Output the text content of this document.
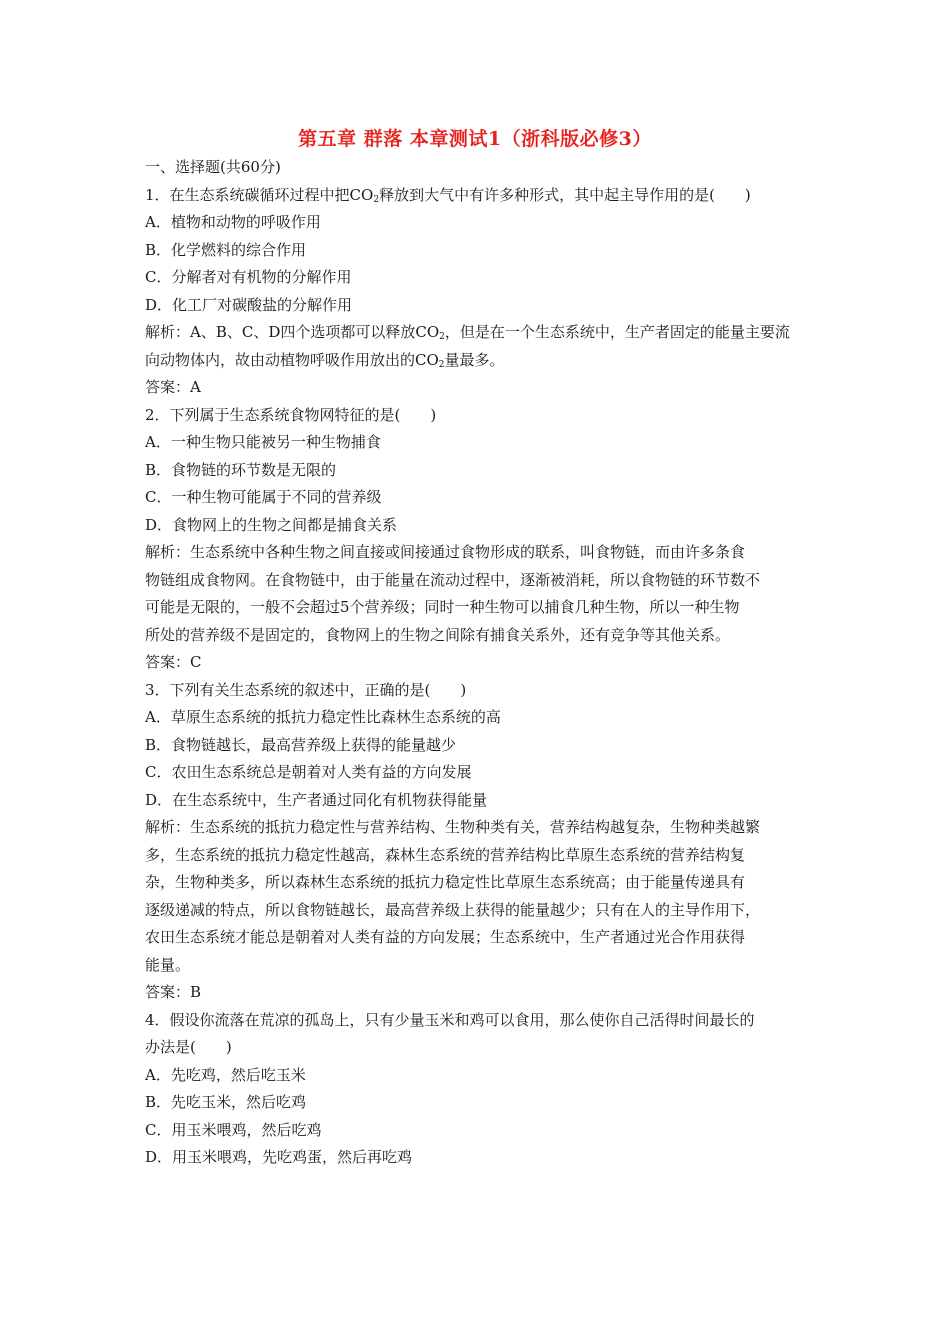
第五章 群落 本章测试1（浙科版必修3）
一、选择题(共60分)
1．在生态系统碳循环过程中把$CO_2$释放到大气中有许多种形式，其中起主导作用的是(　　)
A．植物和动物的呼吸作用
B．化学燃料的综合作用
C．分解者对有机物的分解作用
D．化工厂对碳酸盐的分解作用
解析：A、B、C、D四个选项都可以释放$CO_2$，但是在一个生态系统中，生产者固定的能量主要流
向动物体内，故由动植物呼吸作用放出的$CO_2$量最多。
答案：A
2．下列属于生态系统食物网特征的是(　　)
A．一种生物只能被另一种生物捕食
B．食物链的环节数是无限的
C．一种生物可能属于不同的营养级
D．食物网上的生物之间都是捕食关系
解析：生态系统中各种生物之间直接或间接通过食物形成的联系，叫食物链，而由许多条食
物链组成食物网。在食物链中，由于能量在流动过程中，逐渐被消耗，所以食物链的环节数不
可能是无限的，一般不会超过5个营养级；同时一种生物可以捕食几种生物，所以一种生物
所处的营养级不是固定的，食物网上的生物之间除有捕食关系外，还有竞争等其他关系。
答案：C
3．下列有关生态系统的叙述中，正确的是(　　)
A．草原生态系统的抵抗力稳定性比森林生态系统的高
B．食物链越长，最高营养级上获得的能量越少
C．农田生态系统总是朝着对人类有益的方向发展
D．在生态系统中，生产者通过同化有机物获得能量
解析：生态系统的抵抗力稳定性与营养结构、生物种类有关，营养结构越复杂，生物种类越繁
多，生态系统的抵抗力稳定性越高，森林生态系统的营养结构比草原生态系统的营养结构复
杂，生物种类多，所以森林生态系统的抵抗力稳定性比草原生态系统高；由于能量传递具有
逐级递减的特点，所以食物链越长，最高营养级上获得的能量越少；只有在人的主导作用下，
农田生态系统才能总是朝着对人类有益的方向发展；生态系统中，生产者通过光合作用获得
能量。
答案：B
4．假设你流落在荒凉的孤岛上，只有少量玉米和鸡可以食用，那么使你自己活得时间最长的
办法是(　　)
A．先吃鸡，然后吃玉米
B．先吃玉米，然后吃鸡
C．用玉米喂鸡，然后吃鸡
D．用玉米喂鸡，先吃鸡蛋，然后再吃鸡
